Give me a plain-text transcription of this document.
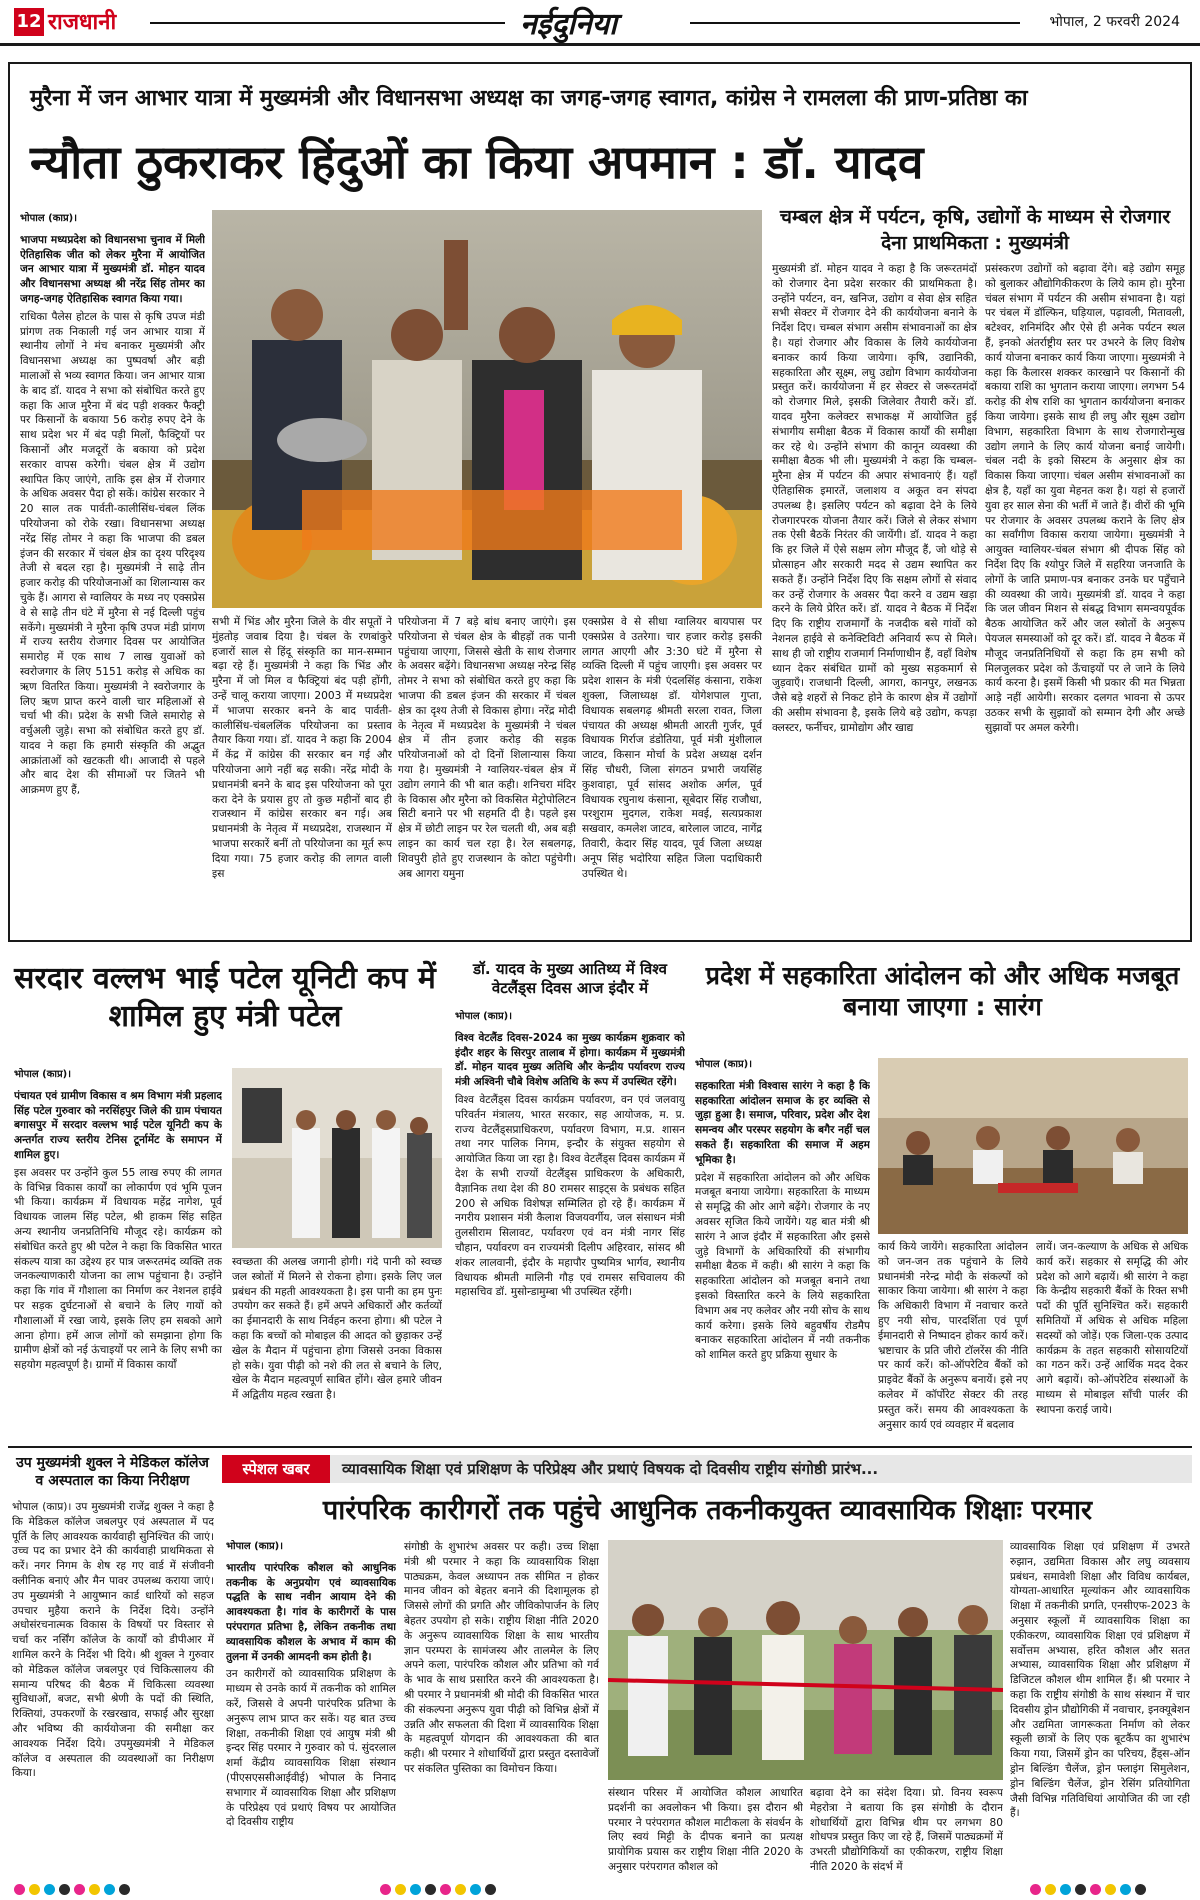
12 राजधानी	नईदुनिया	भोपाल, 2 फरवरी 2024
मुरैना में जन आभार यात्रा में मुख्यमंत्री और विधानसभा अध्यक्ष का जगह-जगह स्वागत, कांग्रेस ने रामलला की प्राण-प्रतिष्ठा का
न्यौता ठुकराकर हिंदुओं का किया अपमान : डॉ. यादव
भोपाल (काप्र)।

भाजपा मध्यप्रदेश को विधानसभा चुनाव में मिली ऐतिहासिक जीत को लेकर मुरैना में आयोजित जन आभार यात्रा में मुख्यमंत्री डॉ. मोहन यादव और विधानसभा अध्यक्ष श्री नरेंद्र सिंह तोमर का जगह-जगह ऐतिहासिक स्वागत किया गया।

राधिका पैलेस होटल के पास से कृषि उपज मंडी प्रांगण तक निकाली गई जन आभार यात्रा में स्थानीय लोगों ने मंच बनाकर मुख्यमंत्री और विधानसभा अध्यक्ष का पुष्पवर्षा और बड़ी मालाओं से भव्य स्वागत किया। जन आभार यात्रा के बाद डॉ. यादव ने सभा को संबोधित करते हुए कहा कि आज मुरैना में बंद पड़ी शक्कर फैक्ट्री पर किसानों के बकाया 56 करोड़ रुपए देने के साथ प्रदेश भर में बंद पड़ी मिलों, फैक्ट्रियों पर किसानों और मजदूरों के बकाया को प्रदेश सरकार वापस करेगी। चंबल क्षेत्र में उद्योग स्थापित किए जाएंगे, ताकि इस क्षेत्र में रोजगार के अधिक अवसर पैदा हो सकें। कांग्रेस सरकार ने 20 साल तक पार्वती-कालीसिंध-चंबल लिंक परियोजना को रोके रखा। विधानसभा अध्यक्ष नरेंद्र सिंह तोमर ने कहा कि भाजपा की डबल इंजन की सरकार में चंबल क्षेत्र का दृश्य परिदृश्य तेजी से बदल रहा है। मुख्यमंत्री ने साढ़े तीन हजार करोड़ की परियोजनाओं का शिलान्यास कर चुके हैं। आगरा से ग्वालियर के मध्य नए एक्सप्रेस वे से साढ़े तीन घंटे में मुरैना से नई दिल्ली पहुंच सकेंगे। मुख्यमंत्री ने मुरैना कृषि उपज मंडी प्रांगण में राज्य स्तरीय रोजगार दिवस पर आयोजित समारोह में एक साथ 7 लाख युवाओं को स्वरोजगार के लिए 5151 करोड़ से अधिक का ऋण वितरित किया। मुख्यमंत्री ने स्वरोजगार के लिए ऋण प्राप्त करने वाली चार महिलाओं से चर्चा भी की। प्रदेश के सभी जिले समारोह से वर्चुअली जुड़े। सभा को संबोधित करते हुए डॉ. यादव ने कहा कि हमारी संस्कृति की अद्भुत आक्रांताओं को खटकती थी। आजादी से पहले और बाद देश की सीमाओं पर जितने भी आक्रमण हुए हैं,

चम्बल क्षेत्र में पर्यटन, कृषि, उद्योगों के माध्यम से रोजगार देना प्राथमिकता : मुख्यमंत्री

सभी में भिंड और मुरैना जिले के वीर सपूतों ने मुंहतोड़ जवाब दिया है। चंबल के रणबांकुरे हजारों साल से हिंदू संस्कृति का मान-सम्मान बढ़ा रहे हैं। मुख्यमंत्री ने कहा कि भिंड और मुरैना में जो मिल व फैक्ट्रियां बंद पड़ी होंगी, उन्हें चालू कराया जाएगा। 2003 में मध्यप्रदेश में भाजपा सरकार बनने के बाद पार्वती-कालीसिंध-चंबललिंक परियोजना का प्रस्ताव तैयार किया गया। डॉ. यादव ने कहा कि 2004 में केंद्र में कांग्रेस की सरकार बन गई और परियोजना आगे नहीं बढ़ सकी। नरेंद्र मोदी के प्रधानमंत्री बनने के बाद इस परियोजना को पूरा करा देने के प्रयास हुए तो कुछ महीनों बाद ही राजस्थान में कांग्रेस सरकार बन गई। अब प्रधानमंत्री के नेतृत्व में मध्यप्रदेश, राजस्थान में भाजपा सरकारें बनीं तो परियोजना का मूर्त रूप दिया गया। 75 हजार करोड़ की लागत वाली इस

परियोजना में 7 बड़े बांध बनाए जाएंगे। इस परियोजना से चंबल क्षेत्र के बीहड़ों तक पानी पहुंचाया जाएगा, जिससे खेती के साथ रोजगार के अवसर बढ़ेंगे। विधानसभा अध्यक्ष नरेन्द्र सिंह तोमर ने सभा को संबोधित करते हुए कहा कि भाजपा की डबल इंजन की सरकार में चंबल क्षेत्र का दृश्य तेजी से विकास होगा। नरेंद्र मोदी के नेतृत्व में मध्यप्रदेश के मुख्यमंत्री ने चंबल क्षेत्र में तीन हजार करोड़ की सड़क परियोजनाओं को दो दिनों शिलान्यास किया गया है। मुख्यमंत्री ने ग्वालियर-चंबल क्षेत्र में उद्योग लगाने की भी बात कही। शनिचरा मंदिर के विकास और मुरैना को विकसित मेट्रोपोलिटन सिटी बनाने पर भी सहमति दी है। पहले इस क्षेत्र में छोटी लाइन पर रेल चलती थी, अब बड़ी लाइन का कार्य चल रहा है। रेल सबलगढ़, शिवपुरी होते हुए राजस्थान के कोटा पहुंचेगी। अब आगरा यमुना

एक्सप्रेस वे से सीधा ग्वालियर बायपास पर एक्सप्रेस वे उतरेगा। चार हजार करोड़ इसकी लागत आएगी और 3:30 घंटे में मुरैना से व्यक्ति दिल्ली में पहुंच जाएगी। इस अवसर पर प्रदेश शासन के मंत्री एंदलसिंह कंसाना, राकेश शुक्ला, जिलाध्यक्ष डॉ. योगेशपाल गुप्ता, विधायक सबलगढ़ श्रीमती सरला रावत, जिला पंचायत की अध्यक्ष श्रीमती आरती गुर्जर, पूर्व विधायक गिर्राज डंडोतिया, पूर्व मंत्री मुंशीलाल जाटव, किसान मोर्चा के प्रदेश अध्यक्ष दर्शन सिंह चौधरी, जिला संगठन प्रभारी जयसिंह कुशवाहा, पूर्व सांसद अशोक अर्गल, पूर्व विधायक रघुनाथ कंसाना, सूबेदार सिंह राजौधा, परशुराम मुदगल, राकेश मवई, सत्यप्रकाश सखवार, कमलेश जाटव, बारेलाल जाटव, नागेंद्र तिवारी, केदार सिंह यादव, पूर्व जिला अध्यक्ष अनूप सिंह भदोरिया सहित जिला पदाधिकारी उपस्थित थे।

मुख्यमंत्री डॉ. मोहन यादव ने कहा है कि जरूरतमंदों को रोजगार देना प्रदेश सरकार की प्राथमिकता है। उन्होंने पर्यटन, वन, खनिज, उद्योग व सेवा क्षेत्र सहित सभी सेक्टर में रोजगार देने की कार्ययोजना बनाने के निर्देश दिए। चम्बल संभाग असीम संभावनाओं का क्षेत्र है। यहां रोजगार और विकास के लिये कार्ययोजना बनाकर कार्य किया जायेगा। कृषि, उद्यानिकी, सहकारिता और सूक्ष्म, लघु उद्योग विभाग कार्ययोजना प्रस्तुत करें। कार्ययोजना में हर सेक्टर से जरूरतमंदों को रोजगार मिले, इसकी जिलेवार तैयारी करें। डॉ. यादव मुरैना कलेक्टर सभाकक्ष में आयोजित हुई संभागीय समीक्षा बैठक में विकास कार्यों की समीक्षा कर रहे थे। उन्होंने संभाग की कानून व्यवस्था की समीक्षा बैठक भी ली। मुख्यमंत्री ने कहा कि चम्बल-मुरैना क्षेत्र में पर्यटन की अपार संभावनाएं हैं। यहाँ ऐतिहासिक इमारतें, जलाशय व अकूत वन संपदा उपलब्ध है। इसलिए पर्यटन को बढ़ावा देने के लिये रोजगारपरक योजना तैयार करें। जिले से लेकर संभाग तक ऐसी बैठकें निरंतर की जायेंगी। डॉ. यादव ने कहा कि हर जिले में ऐसे सक्षम लोग मौजूद हैं, जो थोड़े से प्रोत्साहन और सरकारी मदद से उद्यम स्थापित कर सकते हैं। उन्होंने निर्देश दिए कि सक्षम लोगों से संवाद कर उन्हें रोजगार के अवसर पैदा करने व उद्यम खड़ा करने के लिये प्रेरित करें। डॉ. यादव ने बैठक में निर्देश दिए कि राष्ट्रीय राजमार्गों के नजदीक बसे गांवों को नेशनल हाईवे से कनेक्टिविटी अनिवार्य रूप से मिले। साथ ही जो राष्ट्रीय राजमार्ग निर्माणाधीन हैं, वहाँ विशेष ध्यान देकर संबंधित ग्रामों को मुख्य सड़कमार्ग से जुड़वाएँ। राजधानी दिल्ली, आगरा, कानपुर, लखनऊ जैसे बड़े शहरों से निकट होने के कारण क्षेत्र में उद्योगों की असीम संभावना है, इसके लिये बड़े उद्योग, कपड़ा क्लस्टर, फर्नीचर, ग्रामोद्योग और खाद्य

प्रसंस्करण उद्योगों को बढ़ावा देंगे। बड़े उद्योग समूह को बुलाकर औद्योगिकीकरण के लिये काम हो। मुरैना चंबल संभाग में पर्यटन की असीम संभावना है। यहां पर चंबल में डॉल्फिन, घड़ियाल, पढ़ावली, मितावली, बटेश्वर, शनिमंदिर और ऐसे ही अनेक पर्यटन स्थल हैं, इनको अंतर्राष्ट्रीय स्तर पर उभरने के लिए विशेष कार्य योजना बनाकर कार्य किया जाएगा। मुख्यमंत्री ने कहा कि कैलारस शक्कर कारखाने पर किसानों की बकाया राशि का भुगतान कराया जाएगा। लगभग 54 करोड़ की शेष राशि का भुगतान कार्ययोजना बनाकर किया जायेगा। इसके साथ ही लघु और सूक्ष्म उद्योग विभाग, सहकारिता विभाग के साथ रोजगारोन्मुख उद्योग लगाने के लिए कार्य योजना बनाई जायेगी। चंबल नदी के इको सिस्टम के अनुसार क्षेत्र का विकास किया जाएगा। चंबल असीम संभावनाओं का क्षेत्र है, यहाँ का युवा मेहनत कश है। यहां से हजारों युवा हर साल सेना की भर्ती में जाते हैं। वीरों की भूमि पर रोजगार के अवसर उपलब्ध कराने के लिए क्षेत्र का सर्वांगीण विकास कराया जायेगा। मुख्यमंत्री ने आयुक्त ग्वालियर-चंबल संभाग श्री दीपक सिंह को निर्देश दिए कि श्योपुर जिले में सहरिया जनजाति के लोगों के जाति प्रमाण-पत्र बनाकर उनके घर पहुँचाने की व्यवस्था की जाये। मुख्यमंत्री डॉ. यादव ने कहा कि जल जीवन मिशन से संबद्ध विभाग समन्वयपूर्वक बैठक आयोजित करें और जल स्त्रोतों के अनुरूप पेयजल समस्याओं को दूर करें। डॉ. यादव ने बैठक में मौजूद जनप्रतिनिधियों से कहा कि हम सभी को मिलजुलकर प्रदेश को ऊँचाइयों पर ले जाने के लिये कार्य करना है। इसमें किसी भी प्रकार की मत भिन्नता आड़े नहीं आयेगी। सरकार दलगत भावना से ऊपर उठकर सभी के सुझावों को सम्मान देगी और अच्छे सुझावों पर अमल करेगी।

सरदार वल्लभ भाई पटेल यूनिटी कप में शामिल हुए मंत्री पटेल
भोपाल (काप्र)।

पंचायत एवं ग्रामीण विकास व श्रम विभाग मंत्री प्रहलाद सिंह पटेल गुरुवार को नरसिंहपुर जिले की ग्राम पंचायत बगासपुर में सरदार वल्लभ भाई पटेल यूनिटी कप के अन्तर्गत राज्य स्तरीय टेनिस टूर्नामेंट के समापन में शामिल हुए।

इस अवसर पर उन्होंने कुल 55 लाख रुपए की लागत के विभिन्न विकास कार्यों का लोकार्पण एवं भूमि पूजन भी किया। कार्यक्रम में विधायक महेंद्र नागेश, पूर्व विधायक जालम सिंह पटेल, श्री हाकम सिंह सहित अन्य स्थानीय जनप्रतिनिधि मौजूद रहे। कार्यक्रम को संबोधित करते हुए श्री पटेल ने कहा कि विकसित भारत संकल्प यात्रा का उद्देश्य हर पात्र जरूरतमंद व्यक्ति तक जनकल्याणकारी योजना का लाभ पहुंचाना है। उन्होंने कहा कि गांव में गौशाला का निर्माण कर नेशनल हाईवे पर सड़क दुर्घटनाओं से बचाने के लिए गायों को गौशालाओं में रखा जाये, इसके लिए हम सबको आगे आना होगा। हमें आज लोगों को समझाना होगा कि ग्रामीण क्षेत्रों को नई ऊंचाइयों पर लाने के लिए सभी का सहयोग महत्वपूर्ण है। ग्रामों में विकास कार्यों

स्वच्छता की अलख जगानी होगी। गंदे पानी को स्वच्छ जल स्त्रोतों में मिलने से रोकना होगा। इसके लिए जल प्रबंधन की महती आवश्यकता है। इस पानी का हम पुनः उपयोग कर सकते हैं। हमें अपने अधिकारों और कर्तव्यों का ईमानदारी के साथ निर्वहन करना होगा। श्री पटेल ने कहा कि बच्चों को मोबाइल की आदत को छुड़ाकर उन्हें खेल के मैदान में पहुंचाना होगा जिससे उनका विकास हो सके। युवा पीढ़ी को नशे की लत से बचाने के लिए, खेल के मैदान महत्वपूर्ण साबित होंगे। खेल हमारे जीवन में अद्वितीय महत्व रखता है।

डॉ. यादव के मुख्य आतिथ्य में विश्व वेटलैंड्स दिवस आज इंदौर में
भोपाल (काप्र)।

विश्व वेटलैंड दिवस-2024 का मुख्य कार्यक्रम शुक्रवार को इंदौर शहर के सिरपुर तालाब में होगा। कार्यक्रम में मुख्यमंत्री डॉ. मोहन यादव मुख्य अतिथि और केन्द्रीय पर्यावरण राज्य मंत्री अश्विनी चौबे विशेष अतिथि के रूप में उपस्थित रहेंगे।

विश्व वेटलैंड्स दिवस कार्यक्रम पर्यावरण, वन एवं जलवायु परिवर्तन मंत्रालय, भारत सरकार, सह आयोजक, म. प्र. राज्य वेटलैंड्सप्राधिकरण, पर्यावरण विभाग, म.प्र. शासन तथा नगर पालिक निगम, इन्दौर के संयुक्त सहयोग से आयोजित किया जा रहा है। विश्व वेटलैंड्स दिवस कार्यक्रम में देश के सभी राज्यों वेटलैंड्स प्राधिकरण के अधिकारी, वैज्ञानिक तथा देश की 80 रामसर साइट्स के प्रबंधक सहित 200 से अधिक विशेषज्ञ सम्मिलित हो रहे हैं। कार्यक्रम में नगरीय प्रशासन मंत्री कैलाश विजयवर्गीय, जल संसाधन मंत्री तुलसीराम सिलावट, पर्यावरण एवं वन मंत्री नागर सिंह चौहान, पर्यावरण वन राज्यमंत्री दिलीप अहिरवार, सांसद श्री शंकर लालवानी, इंदौर के महापौर पुष्यमित्र भार्गव, स्थानीय विधायक श्रीमती मालिनी गौड़ एवं रामसर सचिवालय की महासचिव डॉ. मुसोन्डामुम्बा भी उपस्थित रहेंगी।

प्रदेश में सहकारिता आंदोलन को और अधिक मजबूत बनाया जाएगा : सारंग
भोपाल (काप्र)।

सहकारिता मंत्री विश्वास सारंग ने कहा है कि सहकारिता आंदोलन समाज के हर व्यक्ति से जुड़ा हुआ है। समाज, परिवार, प्रदेश और देश समन्वय और परस्पर सहयोग के बगैर नहीं चल सकते हैं। सहकारिता की समाज में अहम भूमिका है।

प्रदेश में सहकारिता आंदोलन को और अधिक मजबूत बनाया जायेगा। सहकारिता के माध्यम से समृद्धि की ओर आगे बढ़ेंगे। रोजगार के नए अवसर सृजित किये जायेंगे। यह बात मंत्री श्री सारंग ने आज इंदौर में सहकारिता और इससे जुड़े विभागों के अधिकारियों की संभागीय समीक्षा बैठक में कही। श्री सारंग ने कहा कि सहकारिता आंदोलन को मजबूत बनाने तथा इसको विस्तारित करने के लिये सहकारिता विभाग अब नए कलेवर और नयी सोच के साथ कार्य करेगा। इसके लिये बहुवर्षीय रोडमैप बनाकर सहकारिता आंदोलन में नयी तकनीक को शामिल करते हुए प्रक्रिया सुधार के

कार्य किये जायेंगे। सहकारिता आंदोलन को जन-जन तक पहुंचाने के लिये प्रधानमंत्री नरेन्द्र मोदी के संकल्पों को साकार किया जायेगा। श्री सारंग ने कहा कि अधिकारी विभाग में नवाचार करते हुए नयी सोच, पारदर्शिता एवं पूर्ण ईमानदारी से निष्पादन होकर कार्य करें। भ्रष्टाचार के प्रति जीरो टॉलरेंस की नीति पर कार्य करें। को-ऑपरेटिव बैंकों को प्राइवेट बैंकों के अनुरूप बनायें। इसे नए कलेवर में कॉर्पोरेट सेक्टर की तरह प्रस्तुत करें। समय की आवश्यकता के अनुसार कार्य एवं व्यवहार में बदलाव

लायें। जन-कल्याण के अधिक से अधिक कार्य करें। सहकार से समृद्धि की ओर प्रदेश को आगे बढ़ायें। श्री सारंग ने कहा कि केन्द्रीय सहकारी बैंकों के रिक्त सभी पदों की पूर्ति सुनिश्चित करें। सहकारी समितियों में अधिक से अधिक महिला सदस्यों को जोड़ें। एक जिला-एक उत्पाद कार्यक्रम के तहत सहकारी सोसायटियों का गठन करें। उन्हें आर्थिक मदद देकर आगे बढ़ायें। को-ऑपरेटिव संस्थाओं के माध्यम से मोबाइल साँची पार्लर की स्थापना कराई जाये।

उप मुख्यमंत्री शुक्ल ने मेडिकल कॉलेज व अस्पताल का किया निरीक्षण

भोपाल (काप्र)। उप मुख्यमंत्री राजेंद्र शुक्ल ने कहा है कि मेडिकल कॉलेज जबलपुर एवं अस्पताल में पद पूर्ति के लिए आवश्यक कार्यवाही सुनिश्चित की जाएं। उच्च पद का प्रभार देने की कार्यवाही प्राथमिकता से करें। नगर निगम के शेष रह गए वार्ड में संजीवनी क्लीनिक बनाएं और मैन पावर उपलब्ध कराया जाएं। उप मुख्यमंत्री ने आयुष्मान कार्ड धारियों को सहज उपचार मुहैया कराने के निर्देश दिये। उन्होंने अधोसंरचनात्मक विकास के विषयों पर विस्तार से चर्चा कर नर्सिंग कॉलेज के कार्यों को डीपीआर में शामिल करने के निर्देश भी दिये। श्री शुक्ल ने गुरुवार को मेडिकल कॉलेज जबलपुर एवं चिकित्सालय की समान्य परिषद की बैठक में चिकित्सा व्यवस्था सुविधाओं, बजट, सभी श्रेणी के पदों की स्थिति, रिक्तियां, उपकरणों के रखरखाव, सफाई और सुरक्षा और भविष्य की कार्ययोजना की समीक्षा कर आवश्यक निर्देश दिये। उपमुख्यमंत्री ने मेडिकल कॉलेज व अस्पताल की व्यवस्थाओं का निरीक्षण किया।

स्पेशल खबर	व्यावसायिक शिक्षा एवं प्रशिक्षण के परिप्रेक्ष्य और प्रथाएं विषयक दो दिवसीय राष्ट्रीय संगोष्ठी प्रारंभ...
पारंपरिक कारीगरों तक पहुंचे आधुनिक तकनीकयुक्त व्यावसायिक शिक्षाः परमार
भोपाल (काप्र)।

भारतीय पारंपरिक कौशल को आधुनिक तकनीक के अनुप्रयोग एवं व्यावसायिक पद्धति के साथ नवीन आयाम देने की आवश्यकता है। गांव के कारीगरों के पास परंपरागत प्रतिभा है, लेकिन तकनीक तथा व्यावसायिक कौशल के अभाव में काम की तुलना में उनकी आमदनी कम होती है।

उन कारीगरों को व्यावसायिक प्रशिक्षण के माध्यम से उनके कार्य में तकनीक को शामिल करें, जिससे वे अपनी पारंपरिक प्रतिभा के अनुरूप लाभ प्राप्त कर सकें। यह बात उच्च शिक्षा, तकनीकी शिक्षा एवं आयुष मंत्री श्री इन्दर सिंह परमार ने गुरुवार को पं. सुंदरलाल शर्मा केंद्रीय व्यावसायिक शिक्षा संस्थान (पीएसएससीआईवीई) भोपाल के निनाद सभागार में व्यावसायिक शिक्षा और प्रशिक्षण के परिप्रेक्ष्य एवं प्रथाएं विषय पर आयोजित दो दिवसीय राष्ट्रीय

संगोष्ठी के शुभारंभ अवसर पर कही। उच्च शिक्षा मंत्री श्री परमार ने कहा कि व्यावसायिक शिक्षा पाठ्यक्रम, केवल अध्यापन तक सीमित न होकर मानव जीवन को बेहतर बनाने की दिशामूलक हो जिससे लोगों की प्रगति और जीविकोपार्जन के लिए बेहतर उपयोग हो सके। राष्ट्रीय शिक्षा नीति 2020 के अनुरूप व्यावसायिक शिक्षा के साथ भारतीय ज्ञान परम्परा के सामंजस्य और तालमेल के लिए अपने कला, पारंपरिक कौशल और प्रतिभा को गर्व के भाव के साथ प्रसारित करने की आवश्यकता है। श्री परमार ने प्रधानमंत्री श्री मोदी की विकसित भारत की संकल्पना अनुरूप युवा पीढ़ी को विभिन्न क्षेत्रों में उन्नति और सफलता की दिशा में व्यावसायिक शिक्षा के महत्वपूर्ण योगदान की आवश्यकता की बात कही। श्री परमार ने शोधार्थियों द्वारा प्रस्तुत दस्तावेजों पर संकलित पुस्तिका का विमोचन किया।

संस्थान परिसर में आयोजित कौशल आधारित प्रदर्शनी का अवलोकन भी किया। इस दौरान श्री परमार ने परंपरागत कौशल माटीकला के संवर्धन के लिए स्वयं मिट्टी के दीपक बनाने का प्रत्यक्ष प्रायोगिक प्रयास कर राष्ट्रीय शिक्षा नीति 2020 के अनुसार परंपरागत कौशल को

बढ़ावा देने का संदेश दिया। प्रो. विनय स्वरूप मेहरोत्रा ने बताया कि इस संगोष्ठी के दौरान शोधार्थियों द्वारा विभिन्न थीम पर लगभग 80 शोधपत्र प्रस्तुत किए जा रहे हैं, जिसमें पाठ्यक्रमों में उभरती प्रौद्योगिकियों का एकीकरण, राष्ट्रीय शिक्षा नीति 2020 के संदर्भ में

व्यावसायिक शिक्षा एवं प्रशिक्षण में उभरते रुझान, उद्यमिता विकास और लघु व्यवसाय प्रबंधन, समावेशी शिक्षा और विविध कार्यबल, योग्यता-आधारित मूल्यांकन और व्यावसायिक शिक्षा में तकनीकी प्रगति, एनसीएफ-2023 के अनुसार स्कूलों में व्यावसायिक शिक्षा का एकीकरण, व्यावसायिक शिक्षा एवं प्रशिक्षण में सर्वोत्तम अभ्यास, हरित कौशल और सतत अभ्यास, व्यावसायिक शिक्षा और प्रशिक्षण में डिजिटल कौशल थीम शामिल हैं। श्री परमार ने कहा कि राष्ट्रीय संगोष्ठी के साथ संस्थान में चार दिवसीय ड्रोन प्रौद्योगिकी में नवाचार, इनक्यूबेशन और उद्यमिता जागरूकता निर्माण को लेकर स्कूली छात्रों के लिए एक बूटकैंप का शुभारंभ किया गया, जिसमें ड्रोन का परिचय, हैंड्स-ऑन ड्रोन बिल्डिंग चैलेंज, ड्रोन फ्लाइंग सिमुलेशन, ड्रोन बिल्डिंग चैलेंज, ड्रोन रेसिंग प्रतियोगिता जैसी विभिन्न गतिविधियां आयोजित की जा रही हैं।
